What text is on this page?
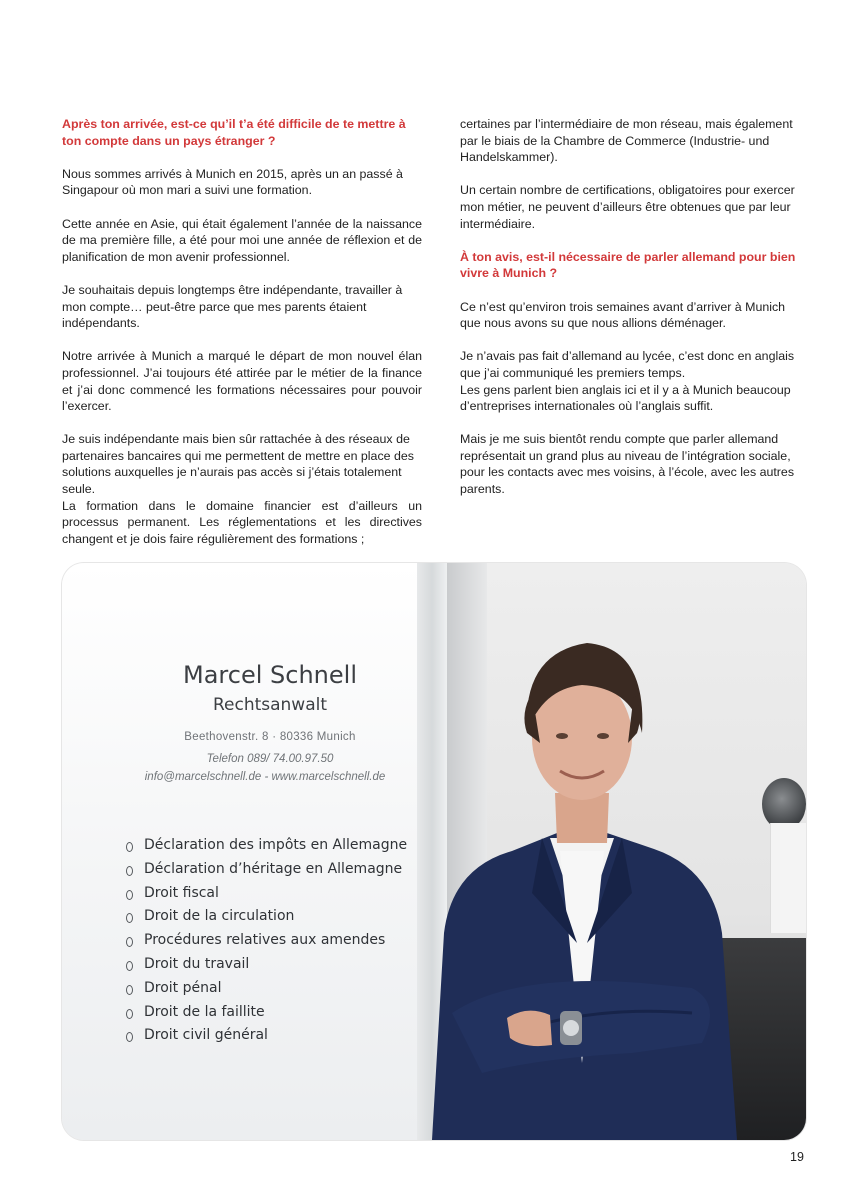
Après ton arrivée, est-ce qu’il t’a été difficile de te mettre à ton compte dans un pays étranger ?

Nous sommes arrivés à Munich en 2015, après un an passé à Singapour où mon mari a suivi une formation.

Cette année en Asie, qui était également l’année de la naissance de ma première fille, a été pour moi une année de réflexion et de planification de mon avenir professionnel.

Je souhaitais depuis longtemps être indépendante, travailler à mon compte… peut-être parce que mes parents étaient indépendants.

Notre arrivée à Munich a marqué le départ de mon nouvel élan professionnel. J’ai toujours été attirée par le métier de la finance et j’ai donc commencé les formations nécessaires pour pouvoir l’exercer.

Je suis indépendante mais bien sûr rattachée à des réseaux de partenaires bancaires qui me permettent de mettre en place des solutions auxquelles je n’aurais pas accès si j’étais totalement seule.

La formation dans le domaine financier est d’ailleurs un processus permanent. Les réglementations et les directives changent et je dois faire régulièrement des formations ;

certaines par l’intermédiaire de mon réseau, mais également par le biais de la Chambre de Commerce (Industrie- und Handelskammer).

Un certain nombre de certifications, obligatoires pour exercer mon métier, ne peuvent d’ailleurs être obtenues que par leur intermédiaire.

À ton avis, est-il nécessaire de parler allemand pour bien vivre à Munich ?

Ce n’est qu’environ trois semaines avant d’arriver à Munich que nous avons su que nous allions déménager.

Je n’avais pas fait d’allemand au lycée, c’est donc en anglais que j’ai communiqué les premiers temps.

Les gens parlent bien anglais ici et il y a à Munich beaucoup d’entreprises internationales où l’anglais suffit.

Mais je me suis bientôt rendu compte que parler allemand représentait un grand plus au niveau de l’intégration sociale, pour les contacts avec mes voisins, à l’école, avec les autres parents.

Marcel Schnell
Rechtsanwalt
Beethovenstr. 8 · 80336 Munich
Telefon 089/ 74.00.97.50
info@marcelschnell.de - www.marcelschnell.de
Déclaration des impôts en Allemagne
Déclaration d’héritage en Allemagne
Droit fiscal
Droit de la circulation
Procédures relatives aux amendes
Droit du travail
Droit pénal
Droit de la faillite
Droit civil général
19
